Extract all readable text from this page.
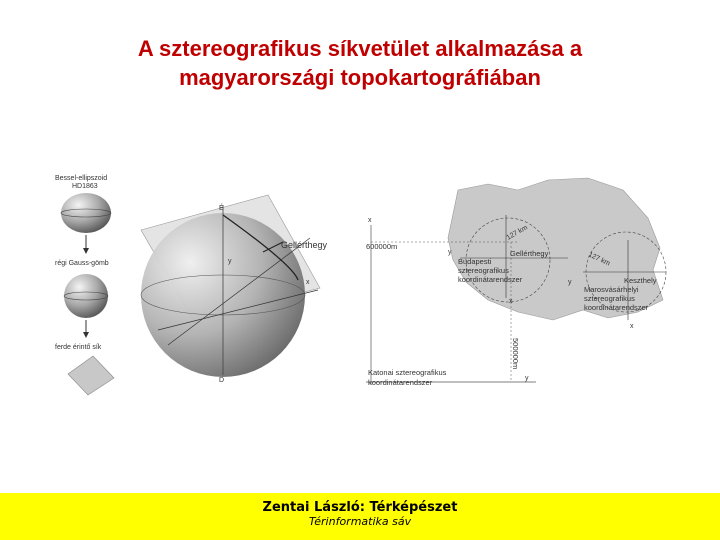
A sztereografikus síkvetület alkalmazása a
magyarországi topokartográfiában
Bessel-ellipszoid
HD1863
régi Gauss-gömb
ferde érintő sík
Gellérthegy
É
D
y
x
x
600000m
500000m
y
Katonai sztereografikus
koordinátarendszer
127 km
127 km
Budapesti
sztereografikus
koordinátarendszer
Gellérthegy
Keszthely
Marosvásárhelyi
sztereografikus
koordinátarendszer
y
x
y
x
Zentai László: Térképészet
Térinformatika sáv
